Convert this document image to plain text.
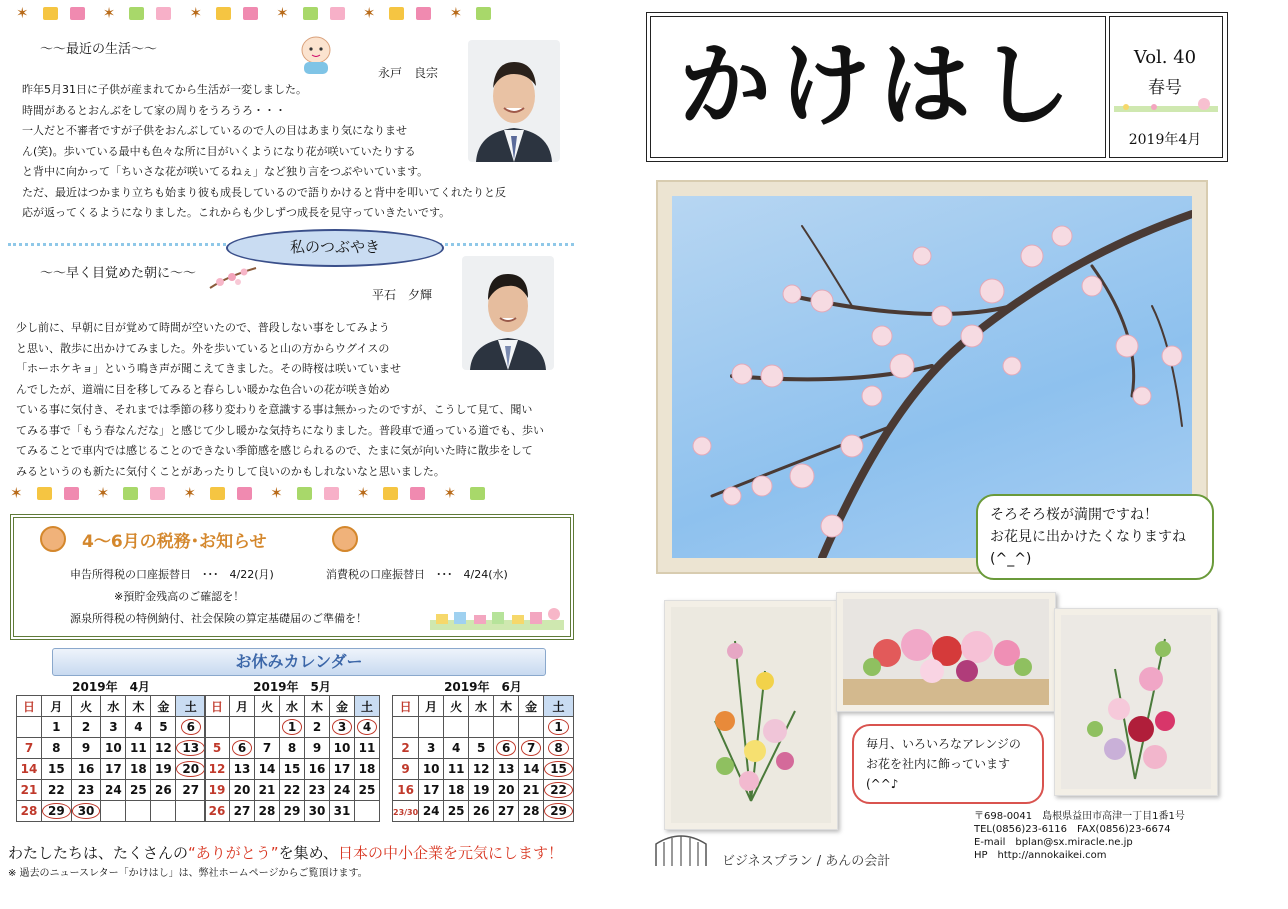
✶	✶	✶	✶	✶	✶
～～最近の生活～～
永戸　良宗
昨年5月31日に子供が産まれてから生活が一変しました。
時間があるとおんぶをして家の周りをうろうろ・・・
一人だと不審者ですが子供をおんぶしているので人の目はあまり気になりませ
ん(笑)。歩いている最中も色々な所に目がいくようになり花が咲いていたりする
と背中に向かって「ちいさな花が咲いてるねぇ」など独り言をつぶやいています。
ただ、最近はつかまり立ちも始まり彼も成長しているので語りかけると背中を叩いてくれたりと反
応が返ってくるようになりました。これからも少しずつ成長を見守っていきたいです。
私のつぶやき
～～早く目覚めた朝に～～
平石　夕輝
少し前に、早朝に目が覚めて時間が空いたので、普段しない事をしてみよう
と思い、散歩に出かけてみました。外を歩いていると山の方からウグイスの
「ホーホケキョ」という鳴き声が聞こえてきました。その時桜は咲いていませ
んでしたが、道端に目を移してみると春らしい暖かな色合いの花が咲き始め
ている事に気付き、それまでは季節の移り変わりを意識する事は無かったのですが、こうして見て、聞い
てみる事で「もう春なんだな」と感じて少し暖かな気持ちになりました。普段車で通っている道でも、歩い
てみることで車内では感じることのできない季節感を感じられるので、たまに気が向いた時に散歩をして
みるというのも新たに気付くことがあったりして良いのかもしれないなと思いました。
✶	✶	✶	✶	✶	✶
4～6月の税務･お知らせ
申告所得税の口座振替日　･･･　4/22(月)	消費税の口座振替日　･･･　4/24(水)
※預貯金残高のご確認を！
源泉所得税の特例納付、社会保険の算定基礎届のご準備を！
お休みカレンダー
2019年　4月						
日	月	火	水	木	金	土
	1	2	3	4	5	6
7	8	9	10	11	12	13
14	15	16	17	18	19	20
21	22	23	24	25	26	27
28	29	30				
2019年　5月						
日	月	火	水	木	金	土
			1	2	3	4
5	6	7	8	9	10	11
12	13	14	15	16	17	18
19	20	21	22	23	24	25
26	27	28	29	30	31	
2019年　6月						
日	月	火	水	木	金	土
						1
2	3	4	5	6	7	8
9	10	11	12	13	14	15
16	17	18	19	20	21	22
23/30	24	25	26	27	28	29
わたしたちは、たくさんの“ありがとう”を集め、日本の中小企業を元気にします！
※ 過去のニュースレター「かけはし」は、弊社ホームページからご覧頂けます。
かけはし	Vol. 40
春号
2019年4月
そろそろ桜が満開ですね！
お花見に出かけたくなりますね
(^_^)
毎月、いろいろなアレンジの
お花を社内に飾っています
(^^♪
ビジネスプラン / あんの会計
〒698-0041　島根県益田市高津一丁目1番1号
TEL(0856)23-6116　FAX(0856)23-6674
E-mail　bplan@sx.miracle.ne.jp
HP　http://annokaikei.com
